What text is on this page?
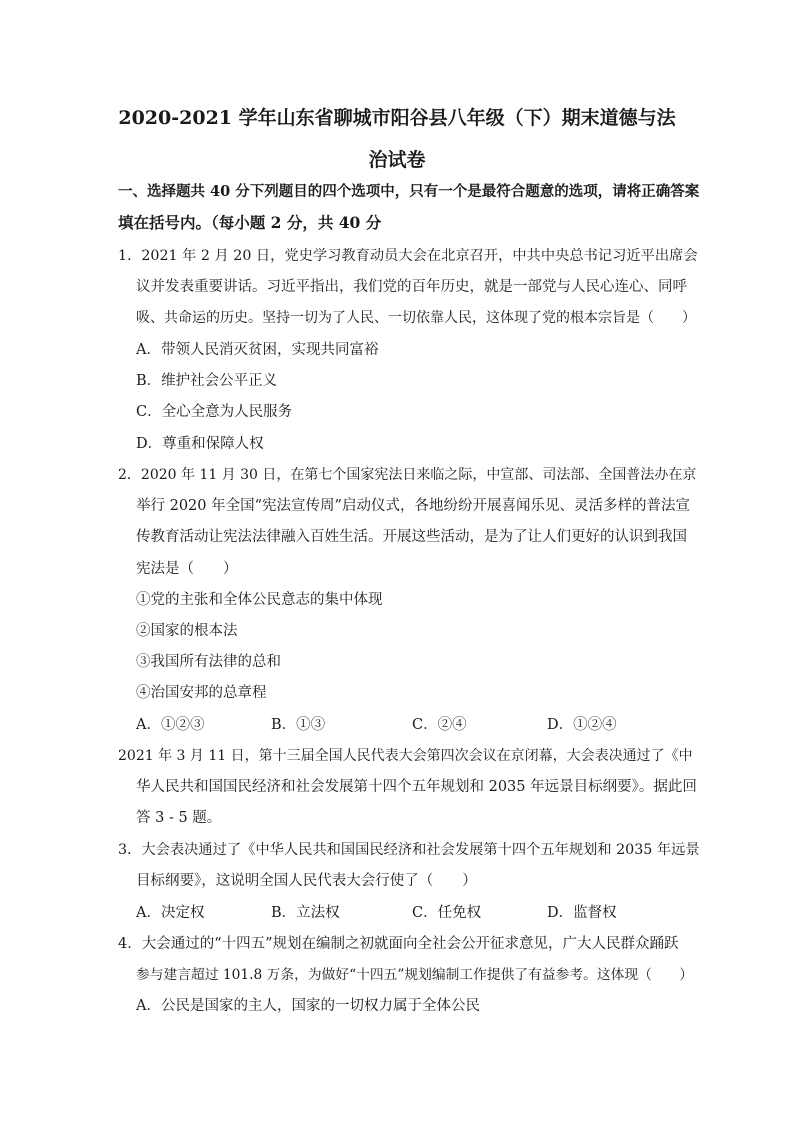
2020-2021 学年山东省聊城市阳谷县八年级（下）期末道德与法
治试卷
一、选择题共 40 分下列题目的四个选项中，只有一个是最符合题意的选项，请将正确答案
填在括号内。（每小题 2 分，共 40 分
1．2021 年 2 月 20 日，党史学习教育动员大会在北京召开，中共中央总书记习近平出席会
议并发表重要讲话。习近平指出，我们党的百年历史，就是一部党与人民心连心、同呼
吸、共命运的历史。坚持一切为了人民、一切依靠人民，这体现了党的根本宗旨是（　　）
A．带领人民消灭贫困，实现共同富裕
B．维护社会公平正义
C．全心全意为人民服务
D．尊重和保障人权
2．2020 年 11 月 30 日，在第七个国家宪法日来临之际，中宣部、司法部、全国普法办在京
举行 2020 年全国“宪法宣传周”启动仪式，各地纷纷开展喜闻乐见、灵活多样的普法宣
传教育活动让宪法法律融入百姓生活。开展这些活动，是为了让人们更好的认识到我国
宪法是（　　）
①党的主张和全体公民意志的集中体现
②国家的根本法
③我国所有法律的总和
④治国安邦的总章程
A．①②③	B．①③	C．②④	D．①②④
2021 年 3 月 11 日，第十三届全国人民代表大会第四次会议在京闭幕，大会表决通过了《中
华人民共和国国民经济和社会发展第十四个五年规划和 2035 年远景目标纲要》。据此回
答 3 - 5 题。
3．大会表决通过了《中华人民共和国国民经济和社会发展第十四个五年规划和 2035 年远景
目标纲要》，这说明全国人民代表大会行使了（　　）
A．决定权	B．立法权	C．任免权	D．监督权
4．大会通过的“十四五”规划在编制之初就面向全社会公开征求意见，广大人民群众踊跃
参与建言超过 101.8 万条，为做好“十四五”规划编制工作提供了有益参考。这体现（　　）
A．公民是国家的主人，国家的一切权力属于全体公民
